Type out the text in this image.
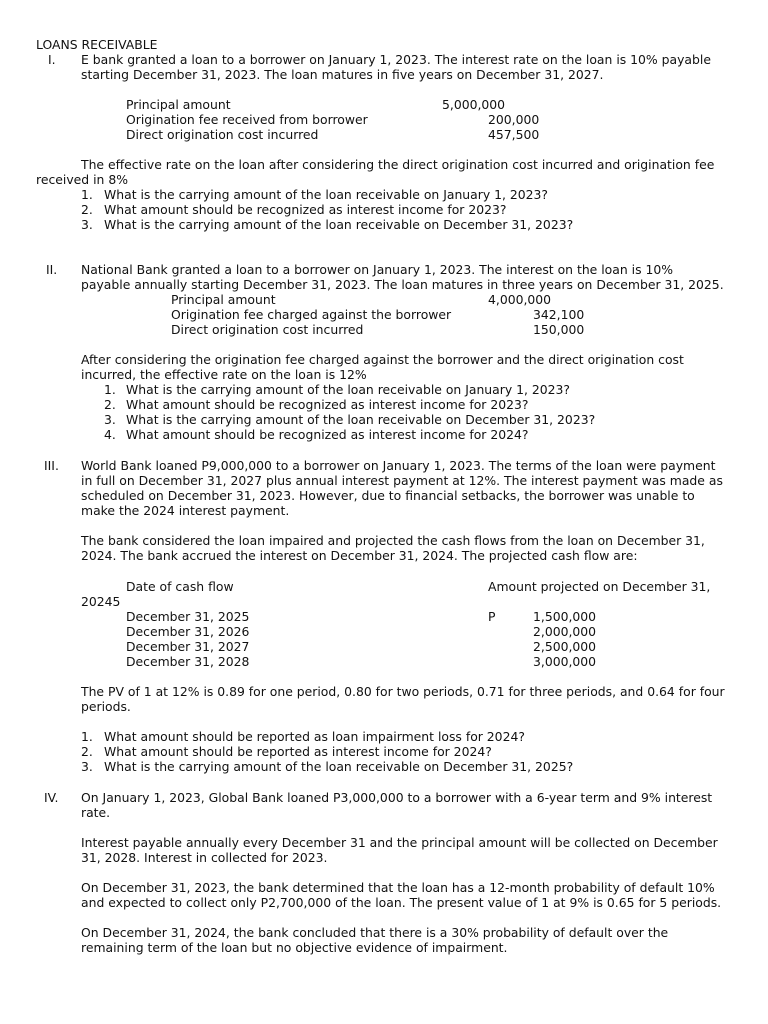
LOANS RECEIVABLE
I. E bank granted a loan to a borrower on January 1, 2023. The interest rate on the loan is 10% payable
starting December 31, 2023. The loan matures in five years on December 31, 2027.
Principal amount	5,000,000
Origination fee received from borrower	200,000
Direct origination cost incurred	457,500
The effective rate on the loan after considering the direct origination cost incurred and origination fee
received in 8%
1. What is the carrying amount of the loan receivable on January 1, 2023?
2. What amount should be recognized as interest income for 2023?
3. What is the carrying amount of the loan receivable on December 31, 2023?
II. National Bank granted a loan to a borrower on January 1, 2023. The interest on the loan is 10%
payable annually starting December 31, 2023. The loan matures in three years on December 31, 2025.
Principal amount	4,000,000
Origination fee charged against the borrower	342,100
Direct origination cost incurred	150,000
After considering the origination fee charged against the borrower and the direct origination cost
incurred, the effective rate on the loan is 12%
1. What is the carrying amount of the loan receivable on January 1, 2023?
2. What amount should be recognized as interest income for 2023?
3. What is the carrying amount of the loan receivable on December 31, 2023?
4. What amount should be recognized as interest income for 2024?
III. World Bank loaned P9,000,000 to a borrower on January 1, 2023. The terms of the loan were payment
in full on December 31, 2027 plus annual interest payment at 12%. The interest payment was made as
scheduled on December 31, 2023. However, due to financial setbacks, the borrower was unable to
make the 2024 interest payment.
The bank considered the loan impaired and projected the cash flows from the loan on December 31,
2024. The bank accrued the interest on December 31, 2024. The projected cash flow are:
Date of cash flow	Amount projected on December 31,
20245
December 31, 2025	P	1,500,000
December 31, 2026	2,000,000
December 31, 2027	2,500,000
December 31, 2028	3,000,000
The PV of 1 at 12% is 0.89 for one period, 0.80 for two periods, 0.71 for three periods, and 0.64 for four
periods.
1. What amount should be reported as loan impairment loss for 2024?
2. What amount should be reported as interest income for 2024?
3. What is the carrying amount of the loan receivable on December 31, 2025?
IV. On January 1, 2023, Global Bank loaned P3,000,000 to a borrower with a 6-year term and 9% interest
rate.
Interest payable annually every December 31 and the principal amount will be collected on December
31, 2028. Interest in collected for 2023.
On December 31, 2023, the bank determined that the loan has a 12-month probability of default 10%
and expected to collect only P2,700,000 of the loan. The present value of 1 at 9% is 0.65 for 5 periods.
On December 31, 2024, the bank concluded that there is a 30% probability of default over the
remaining term of the loan but no objective evidence of impairment.
